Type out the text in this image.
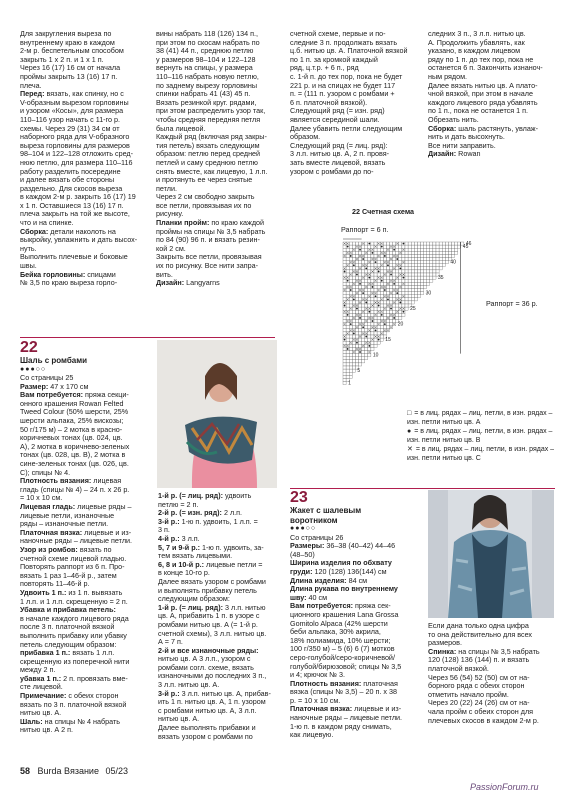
Для закругления выреза по

внутреннему краю в каждом

2-м р. беспетельным способом

закрыть 1 x 2 п. и 1 x 1 п.

Через 16 (17) 16 см от начала

проймы закрыть 13 (16) 17 п.

плеча.

Перед: вязать, как спинку, но с

V-образным вырезом горловины

и узором «Косы», для размера

110–116 узор начать с 11-го р.

схемы. Через 29 (31) 34 см от

наборного ряда для V-образного

выреза горловины для размеров

98–104 и 122–128 отложить сред-

нюю петлю, для размера 110–116

работу разделить посередине

и далее вязать обе стороны

раздельно. Для скосов выреза

в каждом 2-м р. закрыть 16 (17) 19

x 1 п. Оставшиеся 13 (16) 17 п.

плеча закрыть на той же высоте,

что и на спинке.

Сборка: детали наколоть на

выкройку, увлажнить и дать высох-

нуть.

Выполнить плечевые и боковые

швы.

Бейка горловины: спицами

№ 3,5 по краю выреза горло-

вины набрать 118 (126) 134 п.,

при этом по скосам набрать по

38 (41) 44 п., среднюю петлю

у размеров 98–104 и 122–128

вернуть на спицы, у размера

110–116 набрать новую петлю,

по заднему вырезу горловины

спинки набрать 41 (43) 45 п.

Вязать резинкой круг. рядами,

при этом распределить узор так,

чтобы средняя передняя петля

была лицевой.

Каждый ряд (включая ряд закры-

тия петель) вязать следующим

образом: петлю перед средней

петлей и саму среднюю петлю

снять вместе, как лицевую, 1 л.п.

и протянуть ее через снятые

петли.

Через 2 см свободно закрыть

все петли, провязывая их по

рисунку.

Планки пройм: по краю каждой

проймы на спицы № 3,5 набрать

по 84 (90) 96 п. и вязать резин-

кой 2 см.

Закрыть все петли, провязывая

их по рисунку. Все нити запра-

вить.

Дизайн: Langyarns

счетной схеме, первые и по-

следние 3 п. продолжать вязать

ц.б. нитью цв. А. Платочной вязкой

по 1 п. за кромкой каждый

ряд, ц.т.р. + 6 п., ряд

с. 1-й п. до тех пор, пока не будет

221 р. и на спицах не будет 117

п. = (111 п. узором с ромбами +

6 п. платочной вязкой).

Следующий ряд (= изн. ряд)

является серединой шали.

Далее убавить петли следующим

образом.

Следующий ряд (= лиц. ряд):

3 л.п. нитью цв. А, 2 п. провя-

зать вместе лицевой, вязать

узором с ромбами до по-

следних 3 п., 3 л.п. нитью цв.

А. Продолжить убавлять, как

указано, в каждом лицевом

ряду по 1 п. до тех пор, пока не

останется 6 п. Закончить изнаноч-

ным рядом.

Далее вязать нитью цв. А плато-

чной вязкой, при этом в начале

каждого лицевого ряда убавлять

по 1 п., пока не останется 1 п.

Обрезать нить.

Сборка: шаль растянуть, увлаж-

нить и дать высохнуть.

Все нити заправить.

Дизайн: Rowan

22 Счетная схема
Раппорт = 6 п.
Раппорт = 36 р.
46
45
40
35
30
25
20
15
10
5
1
□ = в лиц. рядах – лиц. петли, в изн. рядах – изн. петли нитью цв. А
● = в лиц. рядах – лиц. петли, в изн. рядах – изн. петли нитью цв. В
✕ = в лиц. рядах – лиц. петли, в изн. рядах – изн. петли нитью цв. С
22
Шаль с ромбами
●●●○○
Со страницы 25

Размер: 47 x 170 см

Вам потребуется: пряжа секци-

онного крашения Rowan Felted

Tweed Colour (50% шерсти, 25%

шерсти альпака, 25% вискозы;

50 г/175 м) – 2 мотка в красно-

коричневых тонах (цв. 024, цв.

А), 2 мотка в коричнево-зеленых

тонах (цв. 028, цв. В), 2 мотка в

сине-зеленых тонах (цв. 026, цв.

С); спицы № 4.

Плотность вязания: лицевая

гладь (спицы № 4) – 24 п. x 26 р.

= 10 x 10 см.

Лицевая гладь: лицевые ряды –

лицевые петли, изнаночные

ряды – изнаночные петли.

Платочная вязка: лицевые и из-

наночные ряды – лицевые петли.

Узор из ромбов: вязать по

счетной схеме лицевой гладью.

Повторять раппорт из 6 п. Про-

вязать 1 раз 1–46-й р., затем

повторять 11–46-й р.

Удвоить 1 п.: из 1 п. вывязать

1 л.п. и 1 л.п. скрещенную = 2 п.

Убавка и прибавка петель:

в начале каждого лицевого ряда

после 3 п. платочной вязкой

выполнить прибавку или убавку

петель следующим образом:

прибавка 1 п.: вязать 1 л.п.

скрещенную из поперечной нити

между 2 п.

убавка 1 п.: 2 п. провязать вме-

сте лицевой.

Примечание: с обеих сторон

вязать по 3 п. платочной вязкой

нитью цв. А.

Шаль: на спицы № 4 набрать

нитью цв. А 2 п.

1-й р. (= лиц. ряд): удвоить

петлю = 2 п.

2-й р. (= изн. ряд): 2 л.п.

3-й р.: 1-ю п. удвоить, 1 л.п. =

3 п.

4-й р.: 3 л.п.

5, 7 и 9-й р.: 1-ю п. удвоить, за-

тем вязать лицевыми.

6, 8 и 10-й р.: лицевые петли =

в конце 10-го р.

Далее вязать узором с ромбами

и выполнять прибавку петель

следующим образом:

1-й р. (= лиц. ряд): 3 л.п. нитью

цв. А, прибавить 1 п. в узоре с

ромбами нитью цв. А (= 1-й р.

счетной схемы), 3 л.п. нитью цв.

А = 7 п.

2-й и все изнаночные ряды:

нитью цв. А 3 л.п., узором с

ромбами согл. схеме, вязать

изнаночными до последних 3 п.,

3 л.п. нитью цв. А.

3-й р.: 3 л.п. нитью цв. А, прибав-

ить 1 п. нитью цв. А, 1 п. узором

с ромбами нитью цв. А, 3 л.п.

нитью цв. А.

Далее выполнять прибавки и

вязать узором с ромбами по

23
Жакет с шалевым
воротником
●●●○○
Со страницы 26

Размеры: 36–38 (40–42) 44–46

(48–50)

Ширина изделия по обхвату

груди: 120 (128) 136(144) см

Длина изделия: 84 см

Длина рукава по внутреннему

шву: 40 см

Вам потребуется: пряжа сек-

ционного крашения Lana Grossa

Gomitolo Alpaca (42% шерсти

беби альпака, 30% акрила,

18% полиамида, 10% шерсти;

100 г/350 м) – 5 (6) 6 (7) мотков

серо-голубой/серо-коричневой/

голубой/бирюзовой; спицы № 3,5

и 4; крючок № 3.

Плотность вязания: платочная

вязка (спицы № 3,5) – 20 п. x 38

р. = 10 x 10 см.

Платочная вязка: лицевые и из-

наночные ряды – лицевые петли.

1-ю п. в каждом ряду снимать,

как лицевую.

Если дана только одна цифра

то она действительно для всех

размеров.

Спинка: на спицы № 3,5 набрать

120 (128) 136 (144) п. и вязать

платочной вязкой.

Через 56 (54) 52 (50) см от на-

борного ряда с обеих сторон

отметить начало пройм.

Через 20 (22) 24 (26) см от на-

чала пройм с обеих сторон для

плечевых скосов в каждом 2-м р.

58 Burda Вязание 05/23
PassionForum.ru
